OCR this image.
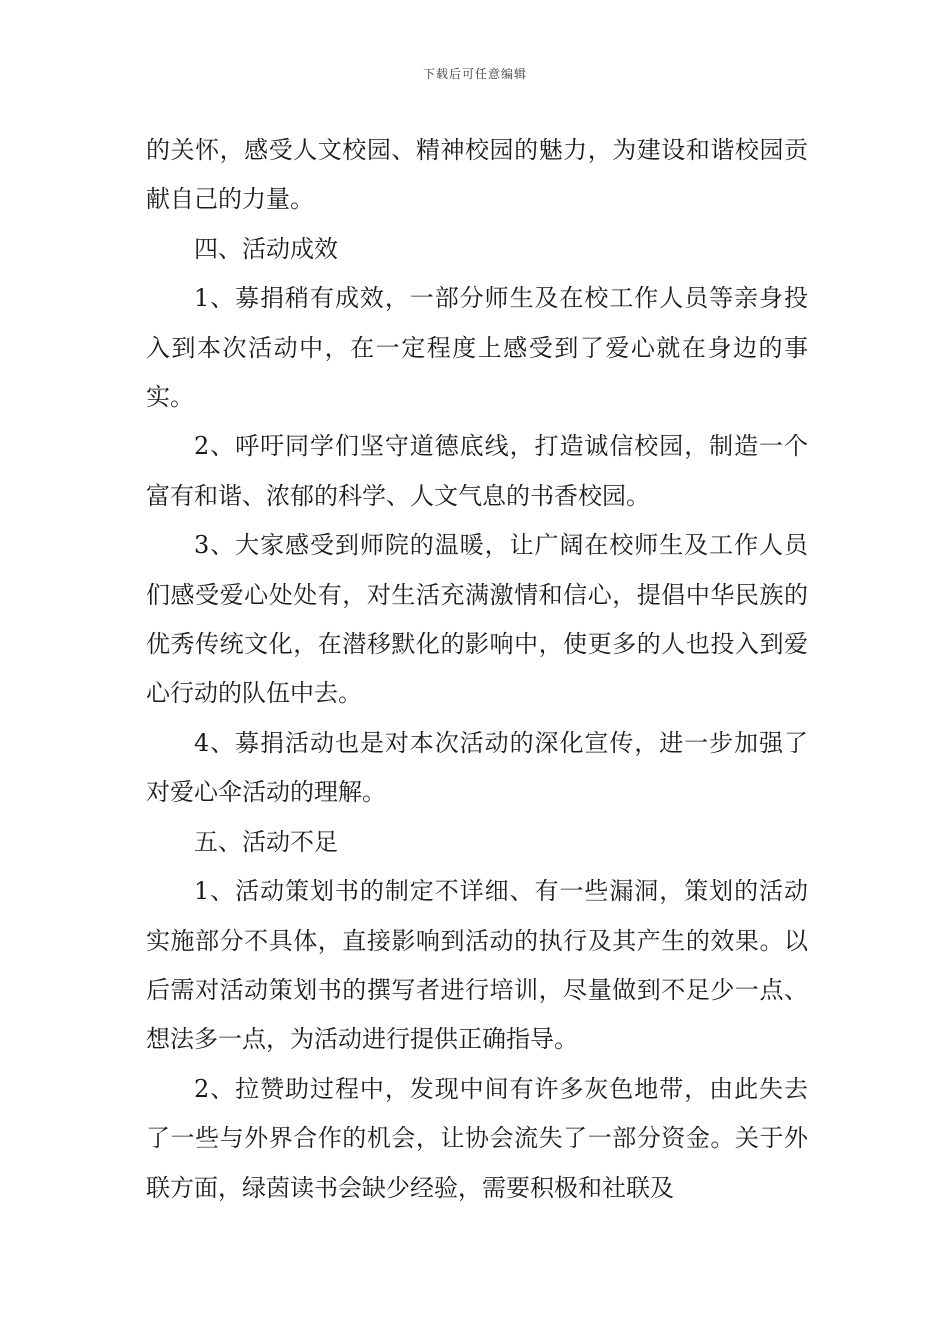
下载后可任意编辑

的关怀，感受人文校园、精神校园的魅力，为建设和谐校园贡献自己的力量。

四、活动成效

1、募捐稍有成效，一部分师生及在校工作人员等亲身投入到本次活动中，在一定程度上感受到了爱心就在身边的事实。

2、呼吁同学们坚守道德底线，打造诚信校园，制造一个富有和谐、浓郁的科学、人文气息的书香校园。

3、大家感受到师院的温暖，让广阔在校师生及工作人员们感受爱心处处有，对生活充满激情和信心，提倡中华民族的优秀传统文化，在潜移默化的影响中，使更多的人也投入到爱心行动的队伍中去。

4、募捐活动也是对本次活动的深化宣传，进一步加强了对爱心伞活动的理解。

五、活动不足

1、活动策划书的制定不详细、有一些漏洞，策划的活动实施部分不具体，直接影响到活动的执行及其产生的效果。以后需对活动策划书的撰写者进行培训，尽量做到不足少一点、想法多一点，为活动进行提供正确指导。

2、拉赞助过程中，发现中间有许多灰色地带，由此失去了一些与外界合作的机会，让协会流失了一部分资金。关于外联方面，绿茵读书会缺少经验，需要积极和社联及
